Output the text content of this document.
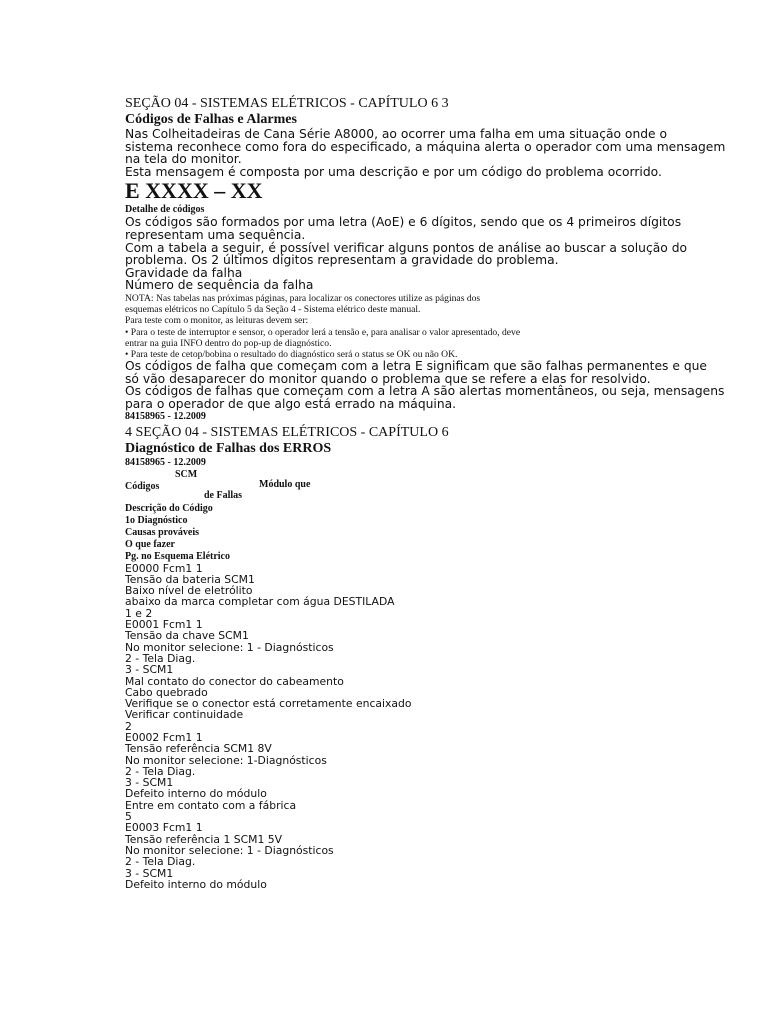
SEÇÃO 04 - SISTEMAS ELÉTRICOS - CAPÍTULO 6 3
Códigos de Falhas e Alarmes
Nas Colheitadeiras de Cana Série A8000, ao ocorrer uma falha em uma situação onde o
sistema reconhece como fora do especificado, a máquina alerta o operador com uma mensagem
na tela do monitor.
Esta mensagem é composta por uma descrição e por um código do problema ocorrido.
E XXXX – XX
Detalhe de códigos
Os códigos são formados por uma letra (AoE) e 6 dígitos, sendo que os 4 primeiros dígitos
representam uma sequência.
Com a tabela a seguir, é possível verificar alguns pontos de análise ao buscar a solução do
problema. Os 2 últimos dígitos representam a gravidade do problema.
Gravidade da falha
Número de sequência da falha
NOTA: Nas tabelas nas próximas páginas, para localizar os conectores utilize as páginas dos
esquemas elétricos no Capítulo 5 da Seção 4 - Sistema elétrico deste manual.
Para teste com o monitor, as leituras devem ser:
• Para o teste de interruptor e sensor, o operador lerá a tensão e, para analisar o valor apresentado, deve
entrar na guia INFO dentro do pop-up de diagnóstico.
• Para teste de cetop/bobina o resultado do diagnóstico será o status se OK ou não OK.
Os códigos de falha que começam com a letra E significam que são falhas permanentes e que
só vão desaparecer do monitor quando o problema que se refere a elas for resolvido.
Os códigos de falhas que começam com a letra A são alertas momentâneos, ou seja, mensagens
para o operador de que algo está errado na máquina.
84158965 - 12.2009
4 SEÇÃO 04 - SISTEMAS ELÉTRICOS - CAPÍTULO 6
Diagnóstico de Falhas dos ERROS
84158965 - 12.2009
Códigos
SCM
de Fallas
Módulo que
Descrição do Código
1o Diagnóstico
Causas prováveis
O que fazer
Pg. no Esquema Elétrico
E0000 Fcm1 1
Tensão da bateria SCM1
Baixo nível de eletrólito
abaixo da marca completar com água DESTILADA
1 e 2
E0001 Fcm1 1
Tensão da chave SCM1
No monitor selecione: 1 - Diagnósticos
2 - Tela Diag.
3 - SCM1
Mal contato do conector do cabeamento
Cabo quebrado
Verifique se o conector está corretamente encaixado
Verificar continuidade
2
E0002 Fcm1 1
Tensão referência SCM1 8V
No monitor selecione: 1-Diagnósticos
2 - Tela Diag.
3 - SCM1
Defeito interno do módulo
Entre em contato com a fábrica
5
E0003 Fcm1 1
Tensão referência 1 SCM1 5V
No monitor selecione: 1 - Diagnósticos
2 - Tela Diag.
3 - SCM1
Defeito interno do módulo
